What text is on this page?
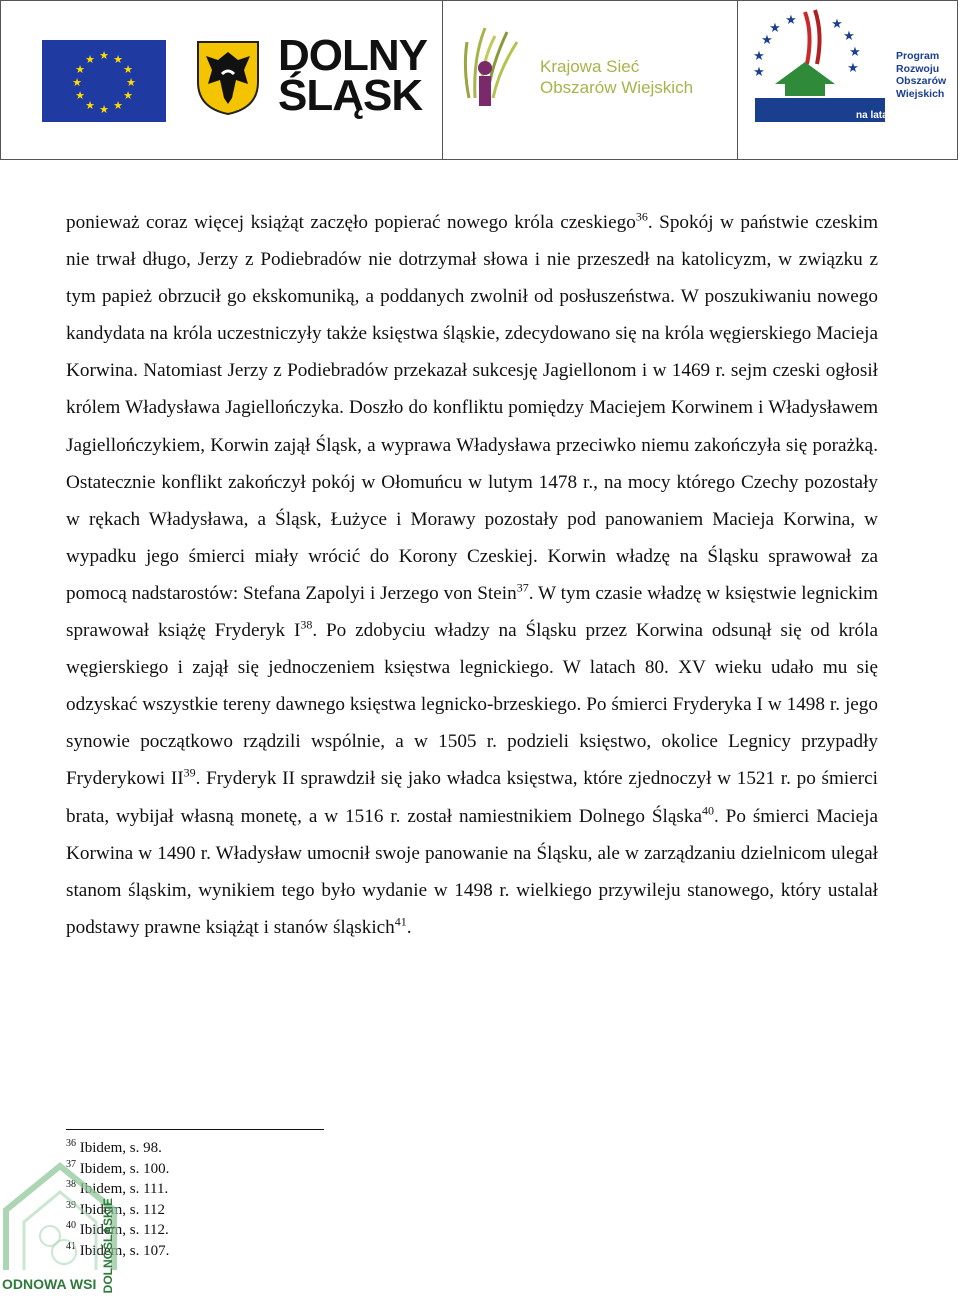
★ ★
★
★
★
★
★
★
★
★
★
★	DOLNY
ŚLĄSK
Krajowa Sieć
Obszarów Wiejskich
★
★
★
★
★
★
★
★	★
Program
Rozwoju
Obszarów
Wiejskich
na lata 2007-2013

ponieważ coraz więcej książąt zaczęło popierać nowego króla czeskiego$^{36}$. Spokój w państwie czeskim nie trwał długo, Jerzy z Podiebradów nie dotrzymał słowa i nie przeszedł na katolicyzm, w związku z tym papież obrzucił go ekskomuniką, a poddanych zwolnił od posłuszeństwa. W poszukiwaniu nowego kandydata na króla uczestniczyły także księstwa śląskie, zdecydowano się na króla węgierskiego Macieja Korwina. Natomiast Jerzy z Podiebradów przekazał sukcesję Jagiellonom i w 1469 r. sejm czeski ogłosił królem Władysława Jagiellończyka. Doszło do konfliktu pomiędzy Maciejem Korwinem i Władysławem Jagiellończykiem, Korwin zajął Śląsk, a wyprawa Władysława przeciwko niemu zakończyła się porażką. Ostatecznie konflikt zakończył pokój w Ołomuńcu w lutym 1478 r., na mocy którego Czechy pozostały w rękach Władysława, a Śląsk, Łużyce i Morawy pozostały pod panowaniem Macieja Korwina, w wypadku jego śmierci miały wrócić do Korony Czeskiej. Korwin władzę na Śląsku sprawował za pomocą nadstarostów: Stefana Zapolyi i Jerzego von Stein$^{37}$. W tym czasie władzę w księstwie legnickim sprawował książę Fryderyk $I^{38}$. Po zdobyciu władzy na Śląsku przez Korwina odsunął się od króla węgierskiego i zajął się jednoczeniem księstwa legnickiego. W latach 80. XV wieku udało mu się odzyskać wszystkie tereny dawnego księstwa legnicko-brzeskiego. Po śmierci Fryderyka I w 1498 r. jego synowie początkowo rządzili wspólnie, a w 1505 r. podzieli księstwo, okolice Legnicy przypadły Fryderykowi II$^{39}$. Fryderyk II sprawdził się jako władca księstwa, które zjednoczył w 1521 r. po śmierci brata, wybijał własną monetę, a w 1516 r. został namiestnikiem Dolnego Śląska$^{40}$. Po śmierci Macieja Korwina w 1490 r. Władysław umocnił swoje panowanie na Śląsku, ale w zarządzaniu dzielnicom ulegał stanom śląskim, wynikiem tego było wydanie w 1498 r. wielkiego przywileju stanowego, który ustalał podstawy prawne książąt i stanów śląskich$^{41}$.

$^{36}$ Ibidem, s. 98.
$^{37}$ Ibidem, s. 100.
$^{38}$ Ibidem, s. 111.
$^{39}$ Ibidem, s. 112
$^{40}$ Ibidem, s. 112.
$^{41}$ Ibidem, s. 107.
DOLNOŚLĄSKIE
ODNOWA WSI
